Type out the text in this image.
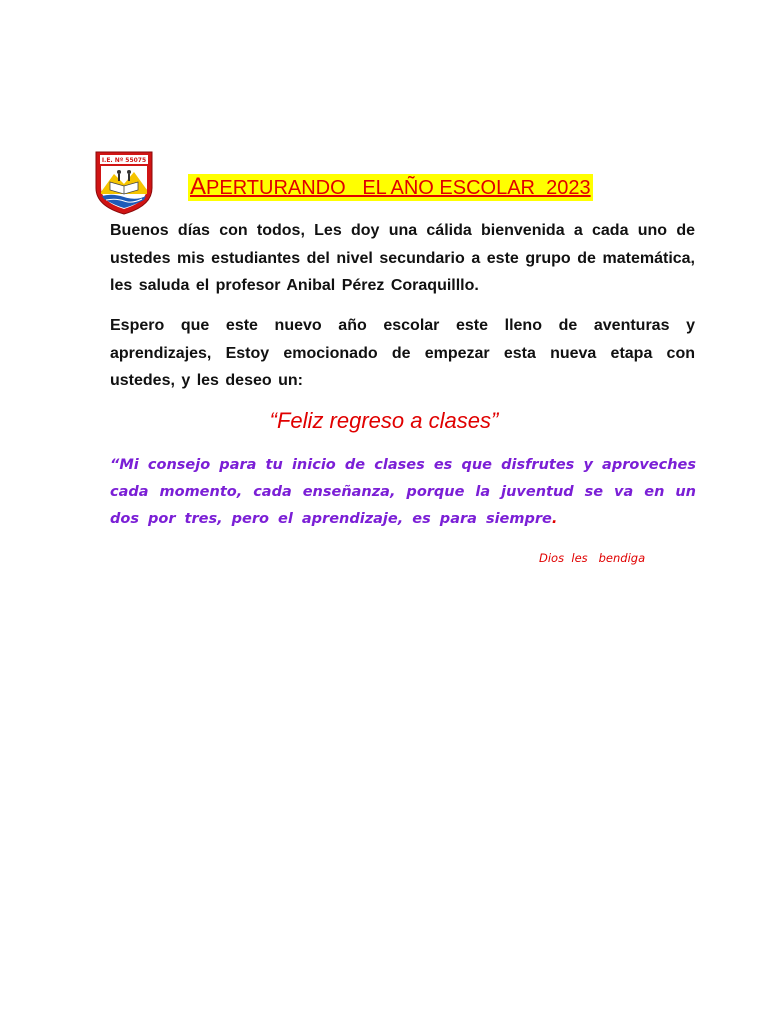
I.E. Nº 55075
APERTURANDO   EL AÑO ESCOLAR  2023
Buenos días con todos, Les doy una cálida bienvenida a cada uno de ustedes mis estudiantes del nivel secundario a este grupo de matemática, les saluda el profesor Anibal Pérez Coraquilllo.
Espero que este nuevo año escolar este lleno de aventuras y aprendizajes, Estoy emocionado de empezar esta nueva etapa con ustedes, y les deseo un:
“Feliz regreso a clases”
“Mi consejo para tu inicio de clases es que disfrutes y aproveches cada momento, cada enseñanza, porque la juventud se va en un dos por tres, pero el aprendizaje, es para siempre.
Dios  les   bendiga
